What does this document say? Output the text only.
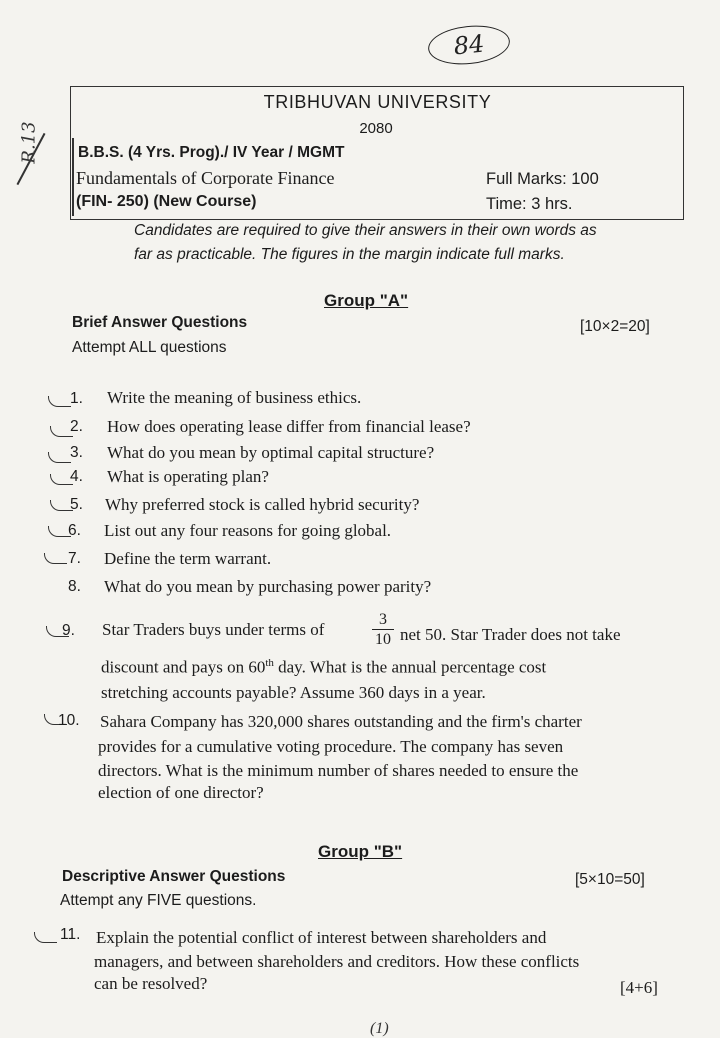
84
R.13
TRIBHUVAN UNIVERSITY
2080
B.B.S. (4 Yrs. Prog)./ IV Year / MGMT
Fundamentals of Corporate Finance
(FIN- 250) (New Course)
Full Marks: 100
Time: 3 hrs.
Candidates are required to give their answers in their own words as
far as practicable. The figures in the margin indicate full marks.
Group "A"
Brief Answer Questions	[10×2=20]
Attempt ALL questions
1. Write the meaning of business ethics.
2. How does operating lease differ from financial lease?
3. What do you mean by optimal capital structure?
4. What is operating plan?
5. Why preferred stock is called hybrid security?
6. List out any four reasons for going global.
7. Define the term warrant.
8. What do you mean by purchasing power parity?
9. Star Traders buys under terms of
3
10 net 50. Star Trader does not take
discount and pays on 60th day. What is the annual percentage cost
stretching accounts payable? Assume 360 days in a year.
10. Sahara Company has 320,000 shares outstanding and the firm's charter
provides for a cumulative voting procedure. The company has seven
directors. What is the minimum number of shares needed to ensure the
election of one director?
Group "B"
Descriptive Answer Questions	[5×10=50]
Attempt any FIVE questions.
11. Explain the potential conflict of interest between shareholders and
managers, and between shareholders and creditors. How these conflicts
can be resolved?	[4+6]
(1)
